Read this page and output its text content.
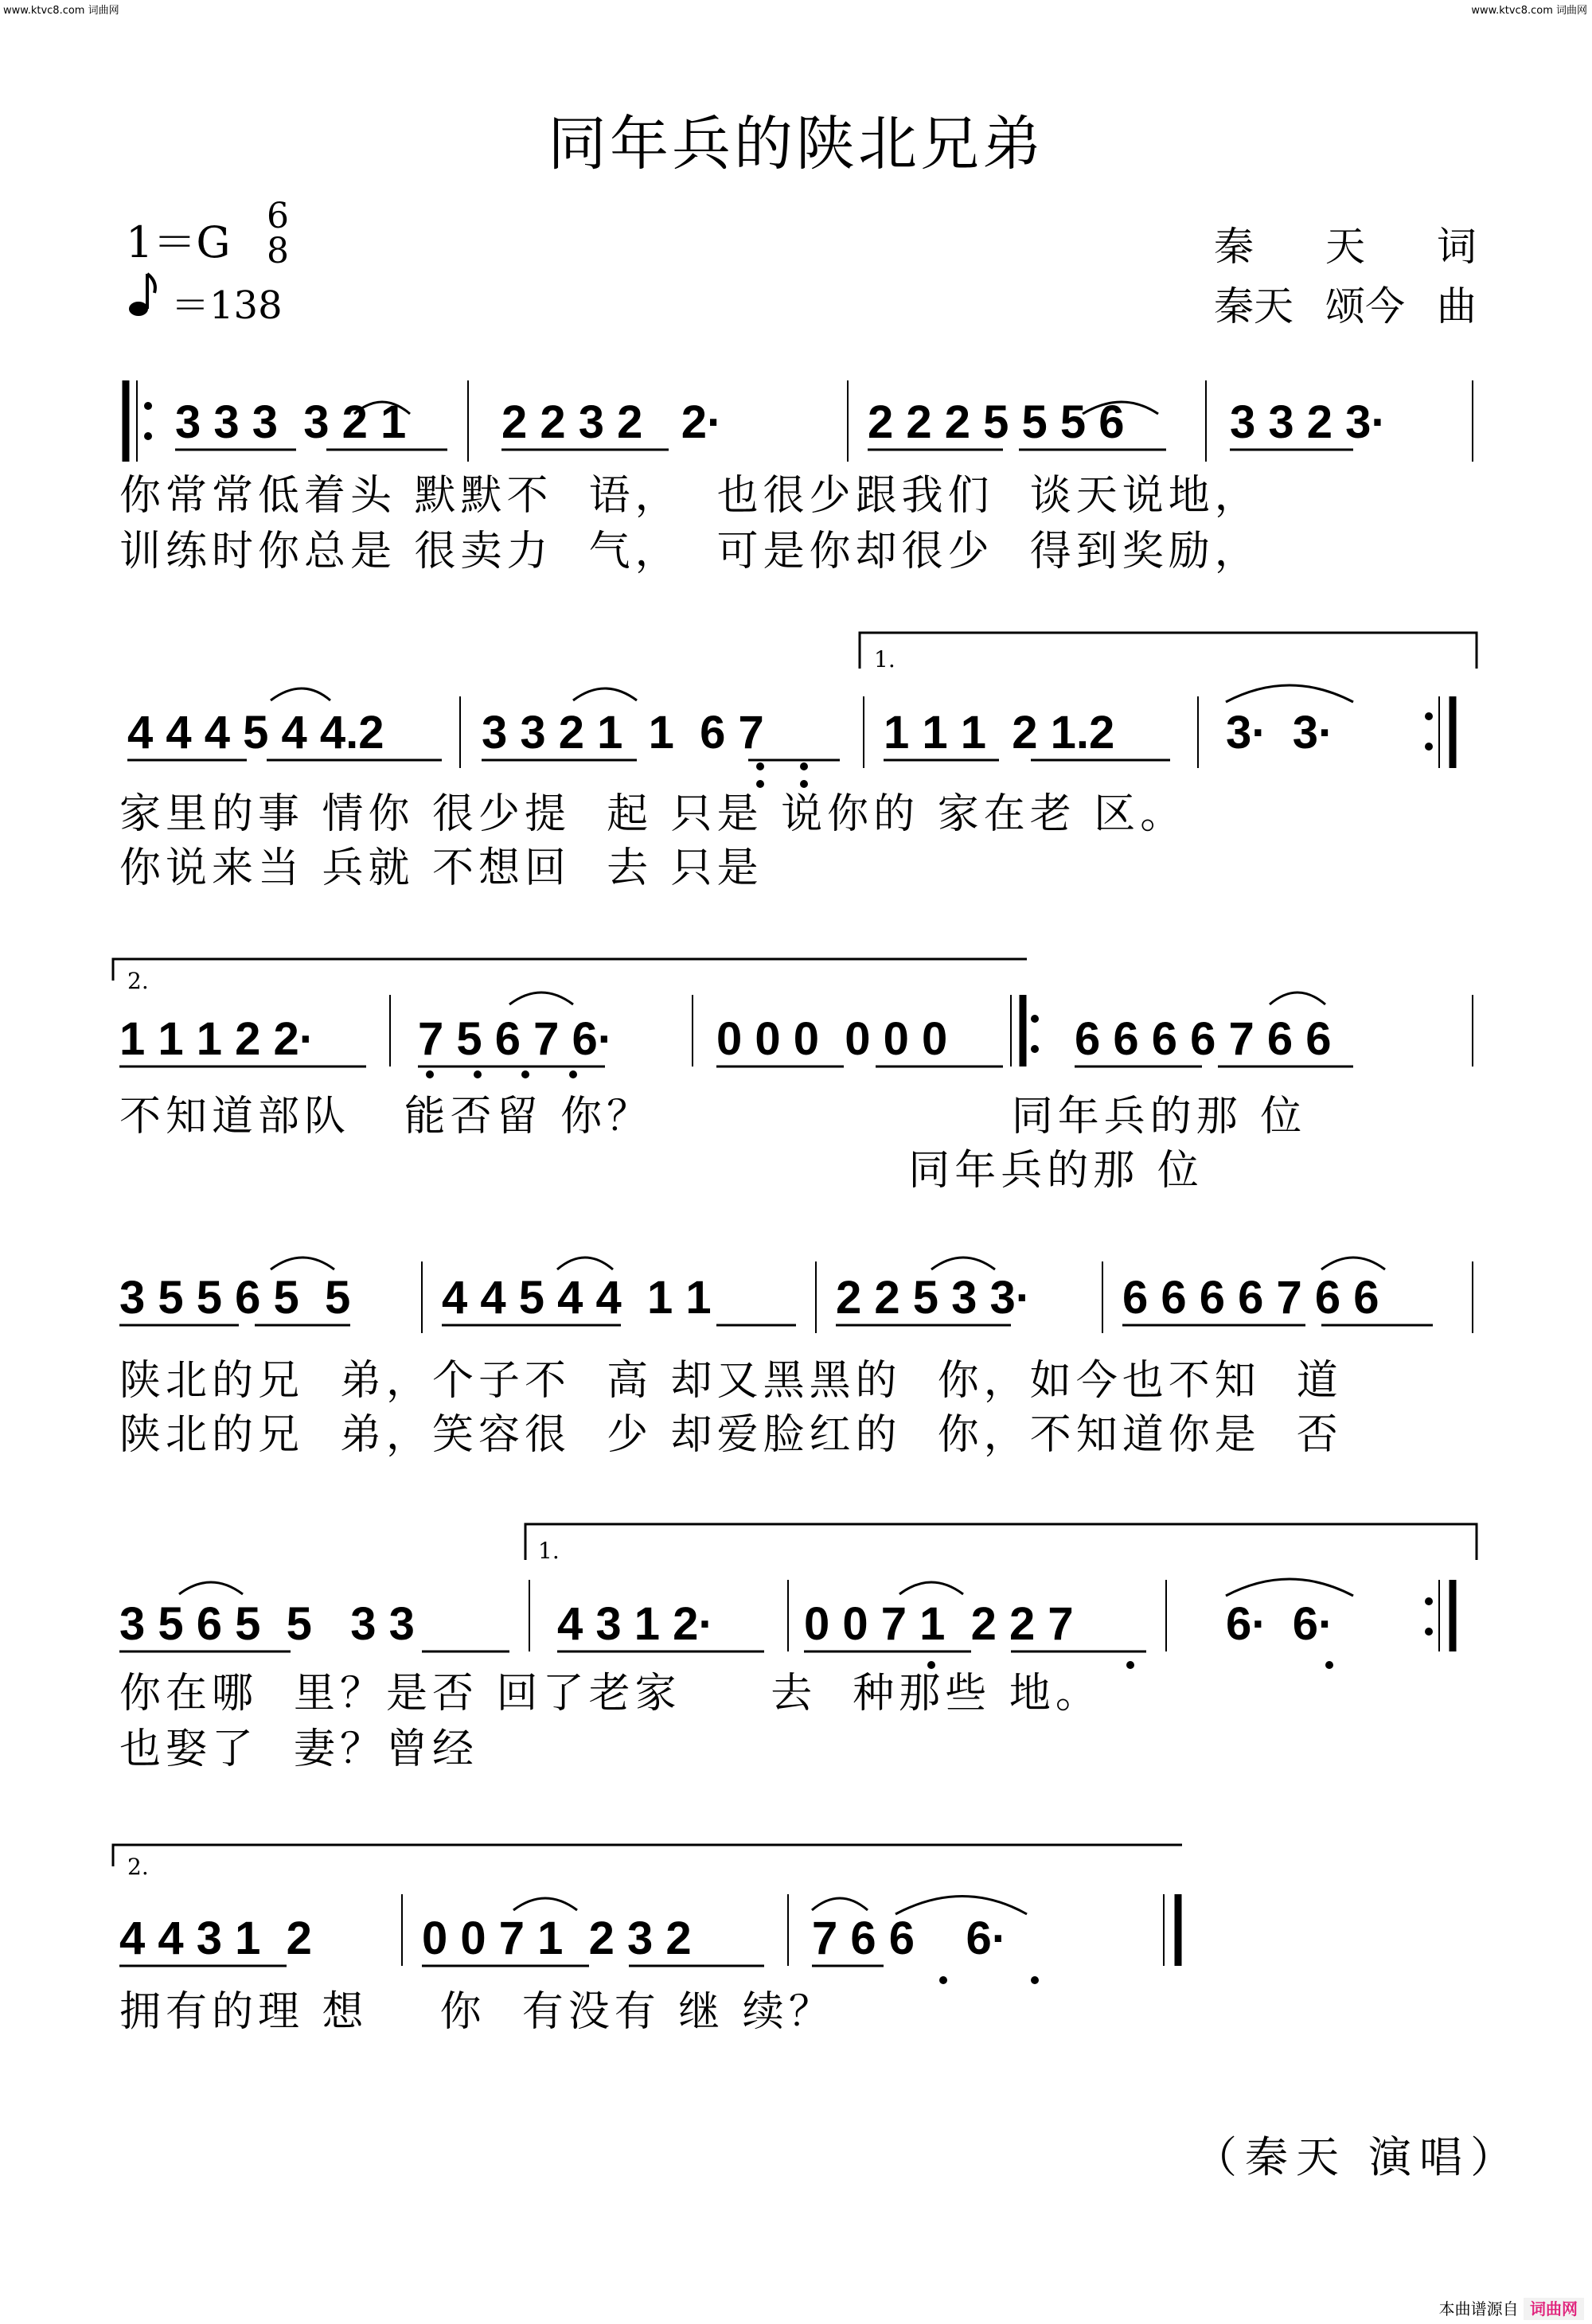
www.ktvc8.com 词曲网	www.ktvc8.com 词曲网
同年兵的陕北兄弟
1＝G
6
8
＝138
秦 天 词
秦天 颂今 曲
3 3 3  3 2 1 2 2 3 2   2·	2 2 2 5 5 5 6 3 3 2 3·
4 4 4 5 4 4.2 3 3 2 1  1  6 7	1 1 1  2 1.2 3·  3·
1 1 1 2 2· 7 5 6 7 6· 0 0 0  0 0 0	6 6 6 6 7 6 6
3 5 5 6 5  5 4 4 5 4 4  1 1	2 2 5 3 3· 6 6 6 6 7 6 6
3 5 6 5  5   3 3	4 3 1 2· 0 0 7 1  2 2 7	6·  6·
4 4 3 1  2 0 0 7 1  2 3 2	7 6 6    6·
你常常低着头 默默不  语，  也很少跟我们  谈天说地，
训练时你总是 很卖力  气，  可是你却很少  得到奖励，
家里的事 情你 很少提  起 只是 说你的 家在老 区。
你说来当 兵就 不想回  去 只是
不知道部队   能否留 你？                    同年兵的那 位
同年兵的那 位
陕北的兄  弟，个子不  高 却又黑黑的  你，如今也不知  道
陕北的兄  弟，笑容很  少 却爱脸红的  你，不知道你是  否
你在哪  里？是否 回了老家     去  种那些 地。
也娶了  妻？曾经
拥有的理 想    你  有没有 继 续？
1.
2.
1.
2.
（秦天 演唱）
本曲谱源自 词曲网
